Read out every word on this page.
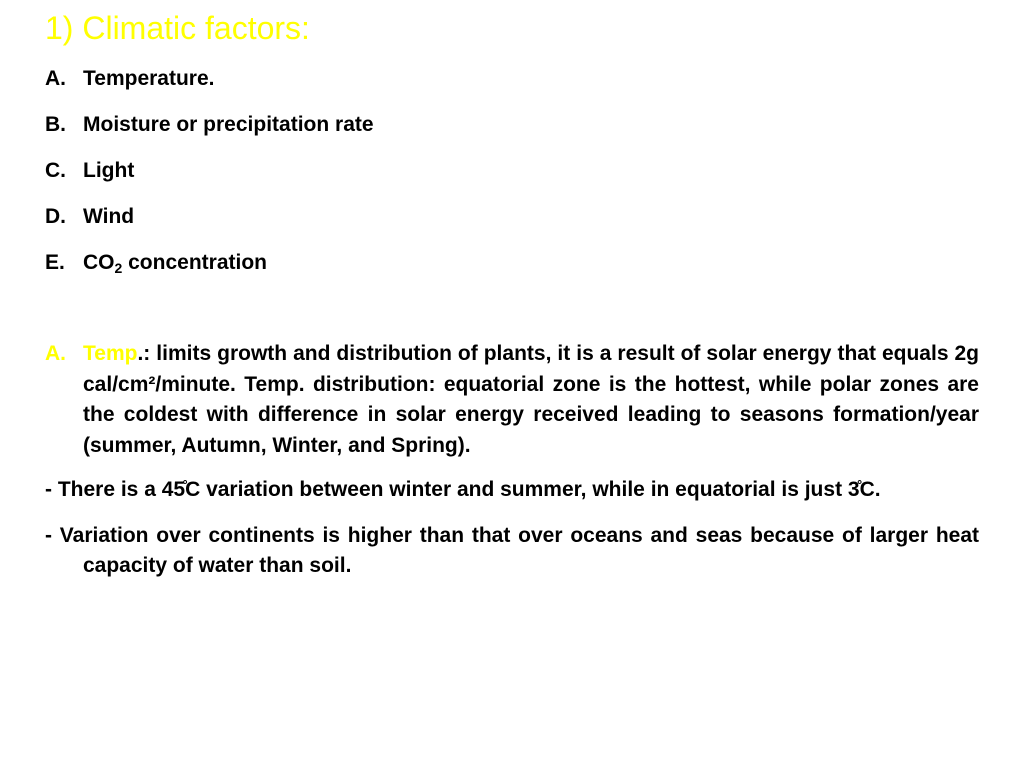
1) Climatic factors:
A. Temperature.
B. Moisture or precipitation rate
C. Light
D. Wind
E. $CO_2$ concentration
A. Temp.: limits growth and distribution of plants, it is a result of solar energy that equals 2g cal/cm²/minute. Temp. distribution: equatorial zone is the hottest, while polar zones are the coldest with difference in solar energy received leading to seasons formation/year (summer, Autumn, Winter, and Spring).
- There is a 45̊C variation between winter and summer, while in equatorial is just 3̊C.
- Variation over continents is higher than that over oceans and seas because of larger heat capacity of water than soil.
